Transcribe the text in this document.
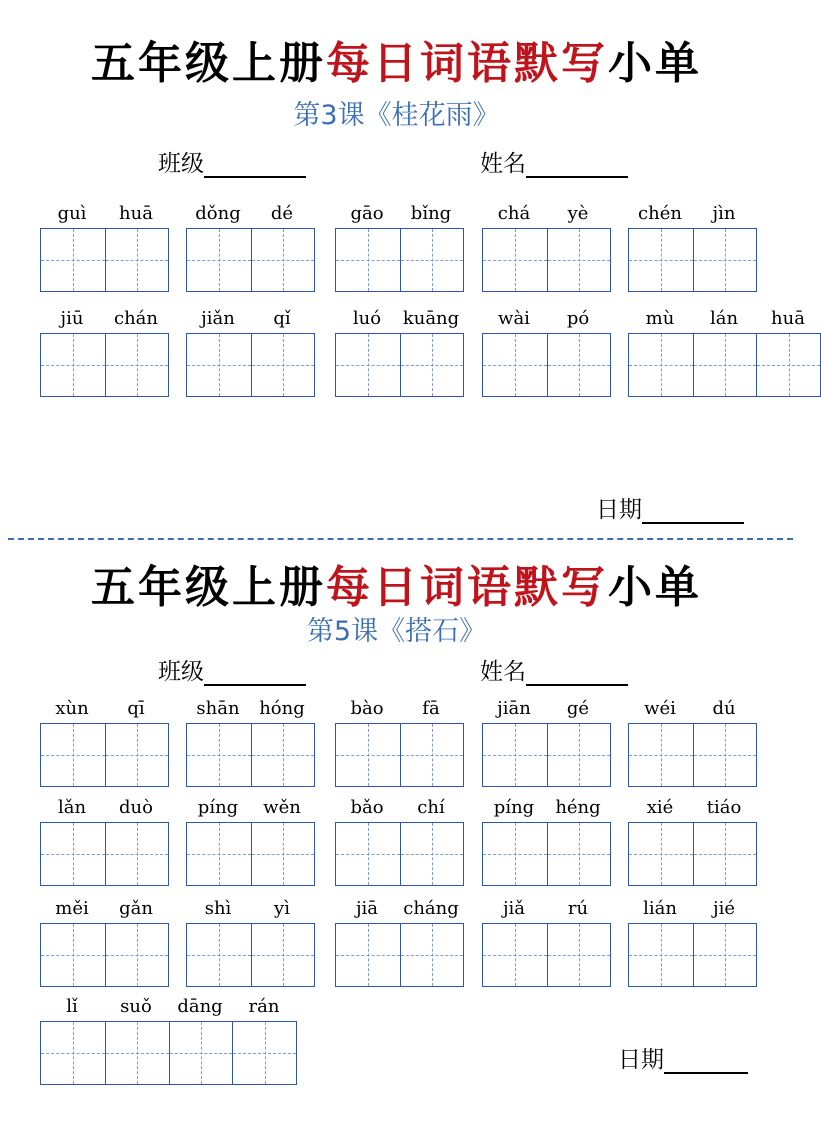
五年级上册每日词语默写小单
第3课《桂花雨》
班级	姓名
guì	huā	dǒng	dé	gāo	bǐng	chá	yè	chén	jìn
jiū	chán	jiǎn	qǐ	luó	kuāng	wài	pó	mù	lán	huā
日期
五年级上册每日词语默写小单
第5课《搭石》
班级	姓名
xùn	qī	shān	hóng	bào	fā	jiān	gé	wéi	dú
lǎn	duò	píng	wěn	bǎo	chí	píng	héng	xié	tiáo
měi	gǎn	shì	yì	jiā	cháng	jiǎ	rú	lián	jié
lǐ	suǒ	dāng	rán
日期
